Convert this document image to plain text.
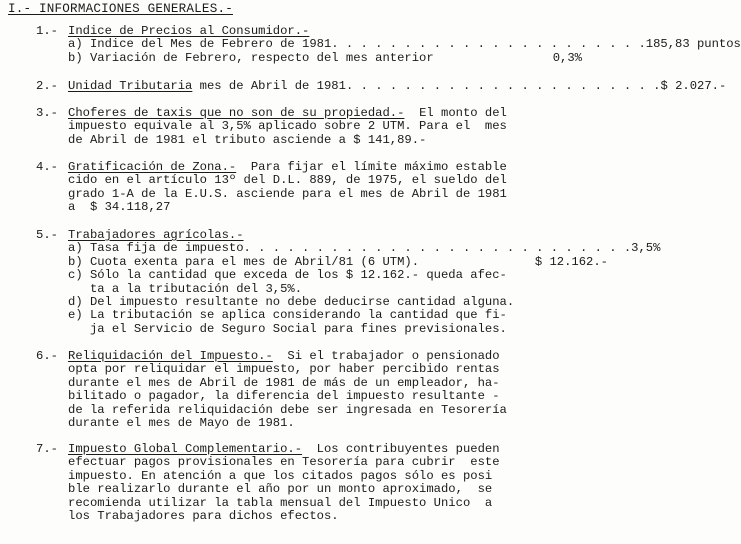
I.- INFORMACIONES GENERALES.-
1.- Indice de Precios al Consumidor.-
a) Indice del Mes de Febrero de 1981 . . . . . . . . . . . . . . . . . . . . . . 185,83 puntos
b) Variación de Febrero, respecto del mes anterior	0,3%
2.- Unidad Tributaria mes de Abril de 1981 . . . . . . . . . . . . . . . . . . . . . . $ 2.027.-
3.- Choferes de taxis que no son de su propiedad.-  El monto del
impuesto equivale al 3,5% aplicado sobre 2 UTM. Para el  mes
de Abril de 1981 el tributo asciende a $ 141,89.-
4.- Gratificación de Zona.-  Para fijar el límite máximo estable
cido en el artículo 13º del D.L. 889, de 1975, el sueldo del
grado 1-A de la E.U.S. asciende para el mes de Abril de 1981
a  $ 34.118,27
5.- Trabajadores agrícolas.-
a) Tasa fija de impuesto . . . . . . . . . . . . . . . . . . . . . . . . . . . 3,5%
b) Cuota exenta para el mes de Abril/81 (6 UTM).	$ 12.162.-
c) Sólo la cantidad que exceda de los $ 12.162.- queda afec-
ta a la tributación del 3,5%.
d) Del impuesto resultante no debe deducirse cantidad alguna.
e) La tributación se aplica considerando la cantidad que fi-
ja el Servicio de Seguro Social para fines previsionales.
6.- Reliquidación del Impuesto.-  Si el trabajador o pensionado
opta por reliquidar el impuesto, por haber percibido rentas
durante el mes de Abril de 1981 de más de un empleador, ha-
bilitado o pagador, la diferencia del impuesto resultante -
de la referida reliquidación debe ser ingresada en Tesorería
durante el mes de Mayo de 1981.
7.- Impuesto Global Complementario.-  Los contribuyentes pueden
efectuar pagos provisionales en Tesorería para cubrir  este
impuesto. En atención a que los citados pagos sólo es posi
ble realizarlo durante el año por un monto aproximado,  se
recomienda utilizar la tabla mensual del Impuesto Unico  a
los Trabajadores para dichos efectos.
